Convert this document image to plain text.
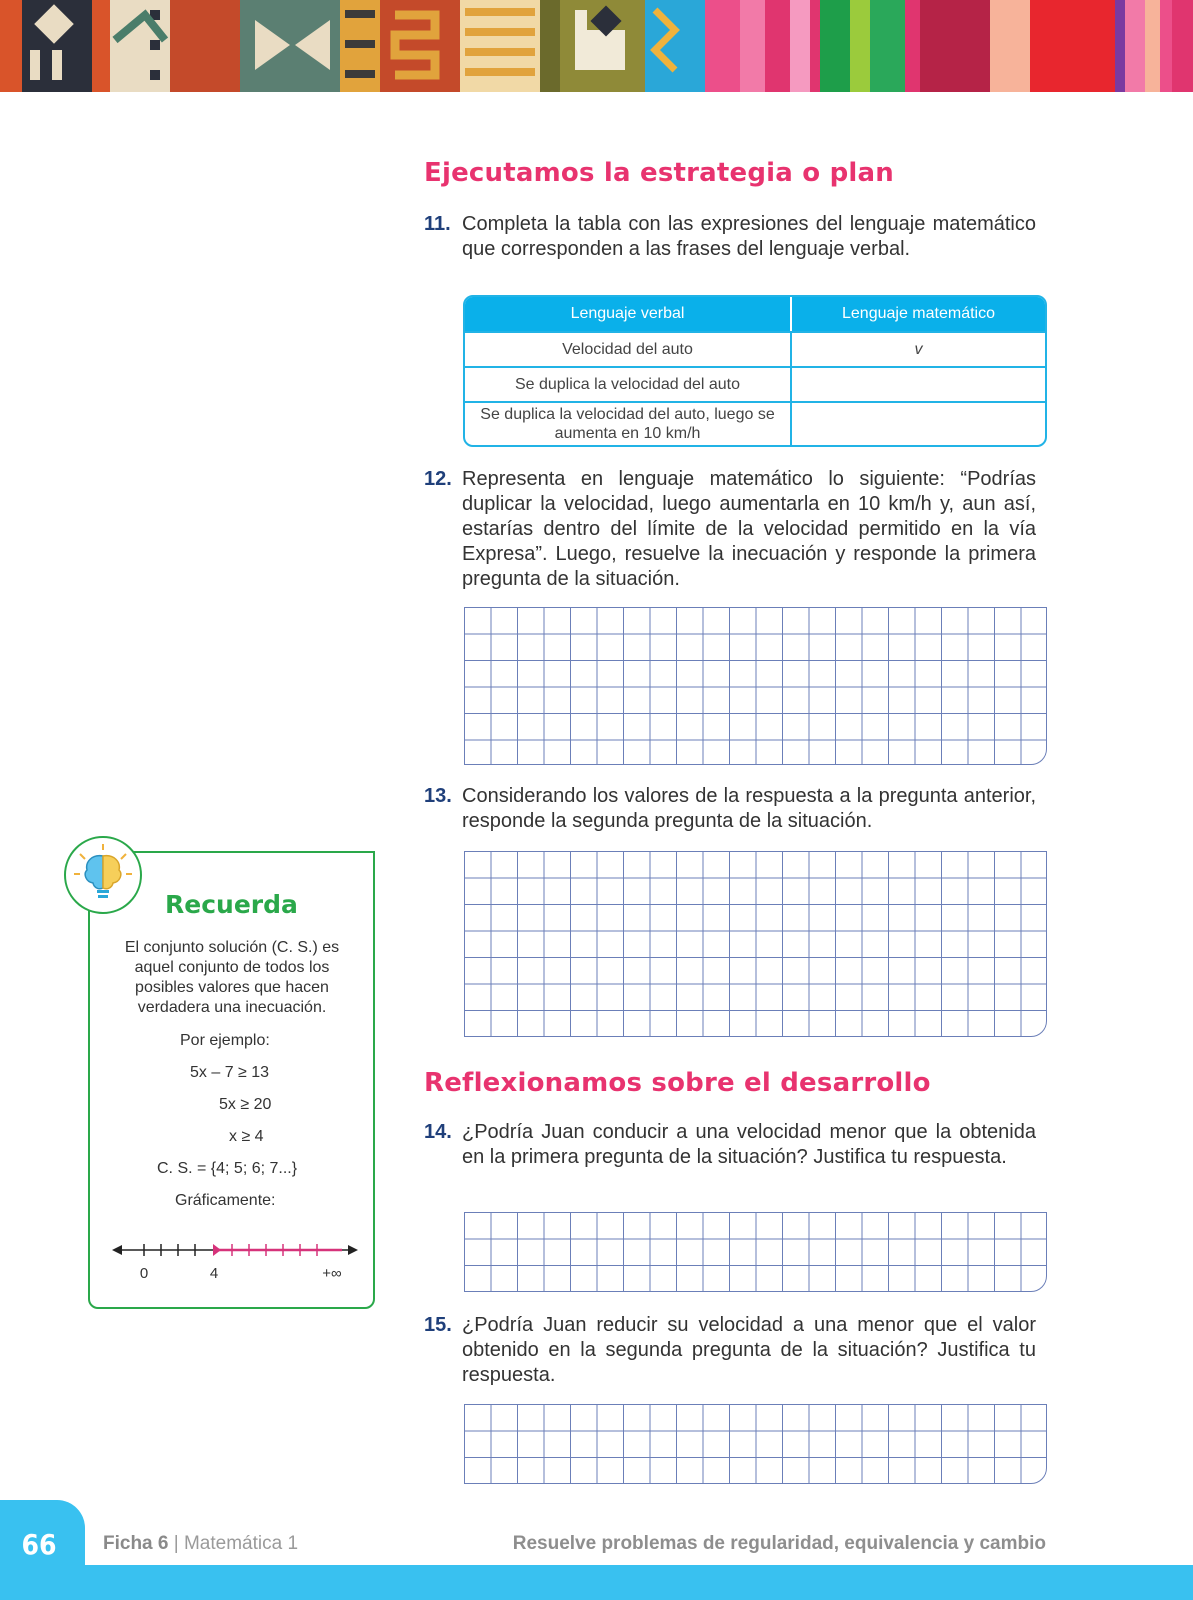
Ejecutamos la estrategia o plan
11. Completa la tabla con las expresiones del lenguaje matemático que corresponden a las frases del lenguaje verbal.
Lenguaje verbal	Lenguaje matemático
Velocidad del auto	v
Se duplica la velocidad del auto	
Se duplica la velocidad del auto, luego se aumenta en 10 km/h	
12. Representa en lenguaje matemático lo siguiente: “Podrías duplicar la velocidad, luego aumentarla en 10 km/h y, aun así, estarías dentro del límite de la velocidad permitido en la vía Expresa”. Luego, resuelve la inecuación y responde la primera pregunta de la situación.
13. Considerando los valores de la respuesta a la pregunta anterior, responde la segunda pregunta de la situación.
Reflexionamos sobre el desarrollo
14. ¿Podría Juan conducir a una velocidad menor que la obtenida en la primera pregunta de la situación? Justifica tu respuesta.
15. ¿Podría Juan reducir su velocidad a una menor que el valor obtenido en la segunda pregunta de la situación? Justifica tu respuesta.
Recuerda
El conjunto solución (C. S.) es aquel conjunto de todos los posibles valores que hacen verdadera una inecuación.
Por ejemplo:
5x – 7 ≥ 13
5x ≥ 20
x ≥ 4
C. S. = {4; 5; 6; 7...}
Gráficamente:
0	4	+∞
66	Ficha 6 | Matemática 1	Resuelve problemas de regularidad, equivalencia y cambio
